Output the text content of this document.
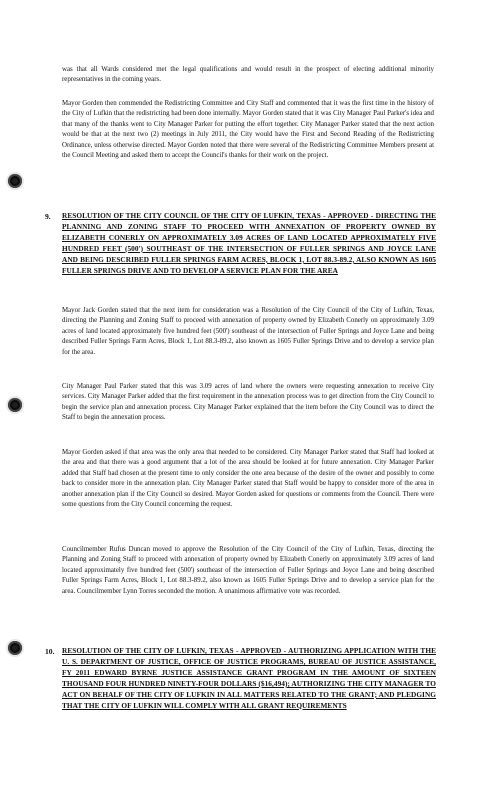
was that all Wards considered met the legal qualifications and would result in the prospect of electing additional minority representatives in the coming years.

Mayor Gorden then commended the Redistricting Committee and City Staff and commented that it was the first time in the history of the City of Lufkin that the redistricting had been done internally. Mayor Gorden stated that it was City Manager Paul Parker's idea and that many of the thanks went to City Manager Parker for putting the effort together. City Manager Parker stated that the next action would be that at the next two (2) meetings in July 2011, the City would have the First and Second Reading of the Redistricting Ordinance, unless otherwise directed. Mayor Gorden noted that there were several of the Redistricting Committee Members present at the Council Meeting and asked them to accept the Council's thanks for their work on the project.

9. RESOLUTION OF THE CITY COUNCIL OF THE CITY OF LUFKIN, TEXAS - APPROVED - DIRECTING THE PLANNING AND ZONING STAFF TO PROCEED WITH ANNEXATION OF PROPERTY OWNED BY ELIZABETH CONERLY ON APPROXIMATELY 3.09 ACRES OF LAND LOCATED APPROXIMATELY FIVE HUNDRED FEET (500') SOUTHEAST OF THE INTERSECTION OF FULLER SPRINGS AND JOYCE LANE AND BEING DESCRIBED FULLER SPRINGS FARM ACRES, BLOCK 1, LOT 88.3-89.2, ALSO KNOWN AS 1605 FULLER SPRINGS DRIVE AND TO DEVELOP A SERVICE PLAN FOR THE AREA

Mayor Jack Gorden stated that the next item for consideration was a Resolution of the City Council of the City of Lufkin, Texas, directing the Planning and Zoning Staff to proceed with annexation of property owned by Elizabeth Conerly on approximately 3.09 acres of land located approximately five hundred feet (500') southeast of the intersection of Fuller Springs and Joyce Lane and being described Fuller Springs Farm Acres, Block 1, Lot 88.3-89.2, also known as 1605 Fuller Springs Drive and to develop a service plan for the area.

City Manager Paul Parker stated that this was 3.09 acres of land where the owners were requesting annexation to receive City services. City Manager Parker added that the first requirement in the annexation process was to get direction from the City Council to begin the service plan and annexation process. City Manager Parker explained that the item before the City Council was to direct the Staff to begin the annexation process.

Mayor Gorden asked if that area was the only area that needed to be considered. City Manager Parker stated that Staff had looked at the area and that there was a good argument that a lot of the area should be looked at for future annexation. City Manager Parker added that Staff had chosen at the present time to only consider the one area because of the desire of the owner and possibly to come back to consider more in the annexation plan. City Manager Parker stated that Staff would be happy to consider more of the area in another annexation plan if the City Council so desired. Mayor Gorden asked for questions or comments from the Council. There were some questions from the City Council concerning the request.

Councilmember Rufus Duncan moved to approve the Resolution of the City Council of the City of Lufkin, Texas, directing the Planning and Zoning Staff to proceed with annexation of property owned by Elizabeth Conerly on approximately 3.09 acres of land located approximately five hundred feet (500') southeast of the intersection of Fuller Springs and Joyce Lane and being described Fuller Springs Farm Acres, Block 1, Lot 88.3-89.2, also known as 1605 Fuller Springs Drive and to develop a service plan for the area. Councilmember Lynn Torres seconded the motion. A unanimous affirmative vote was recorded.

10. RESOLUTION OF THE CITY OF LUFKIN, TEXAS - APPROVED - AUTHORIZING APPLICATION WITH THE U. S. DEPARTMENT OF JUSTICE, OFFICE OF JUSTICE PROGRAMS, BUREAU OF JUSTICE ASSISTANCE, FY 2011 EDWARD BYRNE JUSTICE ASSISTANCE GRANT PROGRAM IN THE AMOUNT OF SIXTEEN THOUSAND FOUR HUNDRED NINETY-FOUR DOLLARS ($16,494); AUTHORIZING THE CITY MANAGER TO ACT ON BEHALF OF THE CITY OF LUFKIN IN ALL MATTERS RELATED TO THE GRANT; AND PLEDGING THAT THE CITY OF LUFKIN WILL COMPLY WITH ALL GRANT REQUIREMENTS
